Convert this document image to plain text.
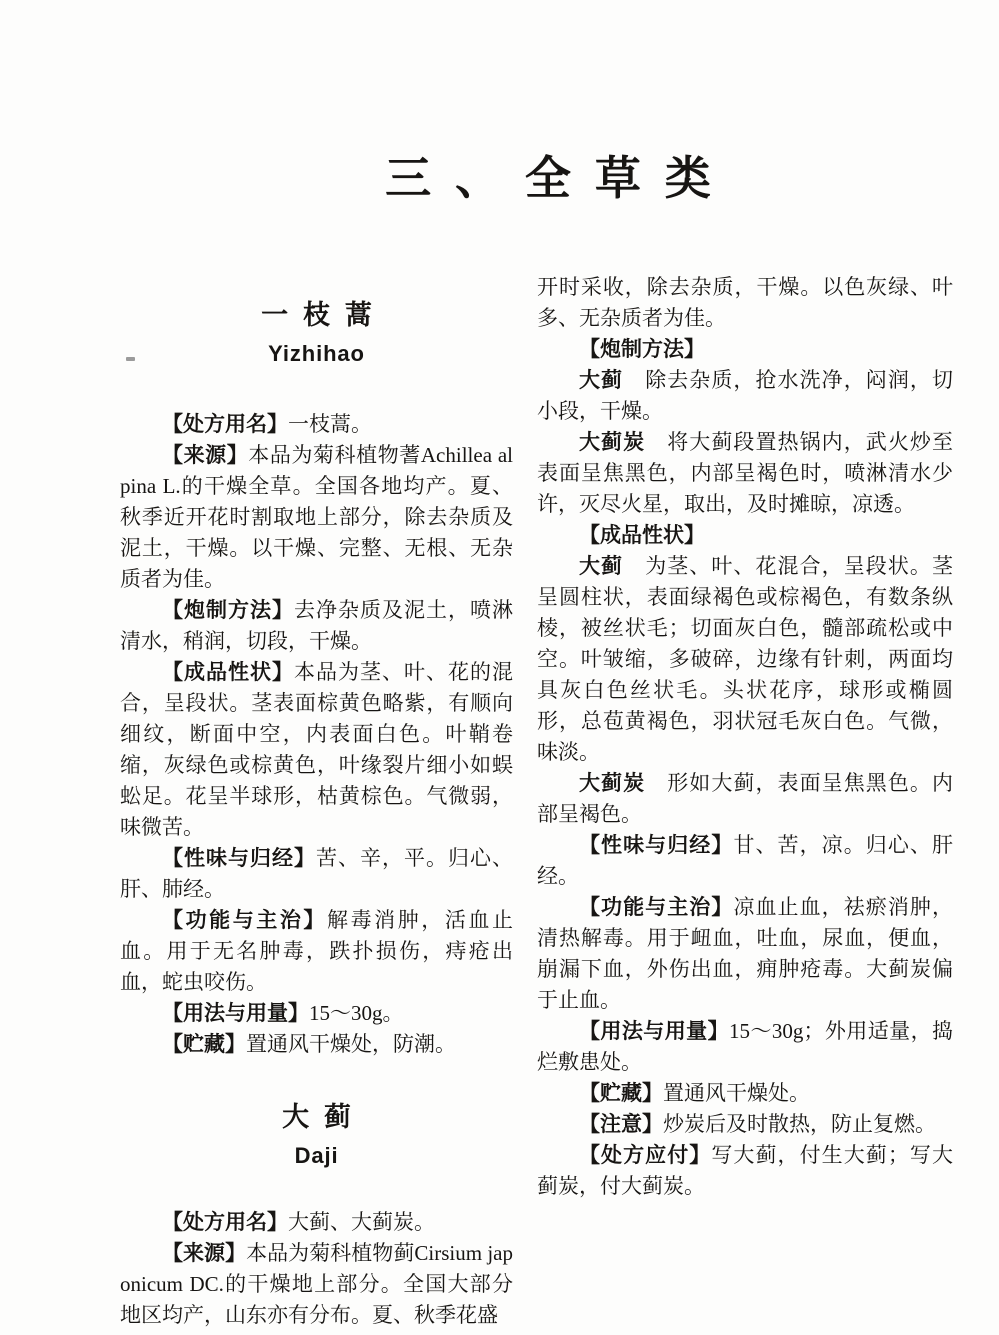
三、全草类
一枝蒿
Yizhihao

【处方用名】一枝蒿。

【来源】本品为菊科植物蓍Achillea alpina L.的干燥全草。全国各地均产。夏、秋季近开花时割取地上部分，除去杂质及泥土，干燥。以干燥、完整、无根、无杂质者为佳。

【炮制方法】去净杂质及泥土，喷淋清水，稍润，切段，干燥。

【成品性状】本品为茎、叶、花的混合，呈段状。茎表面棕黄色略紫，有顺向细纹，断面中空，内表面白色。叶鞘卷缩，灰绿色或棕黄色，叶缘裂片细小如蜈蚣足。花呈半球形，枯黄棕色。气微弱，味微苦。

【性味与归经】苦、辛，平。归心、肝、肺经。

【功能与主治】解毒消肿，活血止血。用于无名肿毒，跌扑损伤，痔疮出血，蛇虫咬伤。

【用法与用量】15～30g。

【贮藏】置通风干燥处，防潮。

大蓟
Daji

【处方用名】大蓟、大蓟炭。

【来源】本品为菊科植物蓟Cirsium japonicum DC.的干燥地上部分。全国大部分地区均产，山东亦有分布。夏、秋季花盛

开时采收，除去杂质，干燥。以色灰绿、叶多、无杂质者为佳。

【炮制方法】

大蓟　除去杂质，抢水洗净，闷润，切小段，干燥。

大蓟炭　将大蓟段置热锅内，武火炒至表面呈焦黑色，内部呈褐色时，喷淋清水少许，灭尽火星，取出，及时摊晾，凉透。

【成品性状】

大蓟　为茎、叶、花混合，呈段状。茎呈圆柱状，表面绿褐色或棕褐色，有数条纵棱，被丝状毛；切面灰白色，髓部疏松或中空。叶皱缩，多破碎，边缘有针刺，两面均具灰白色丝状毛。头状花序，球形或椭圆形，总苞黄褐色，羽状冠毛灰白色。气微，味淡。

大蓟炭　形如大蓟，表面呈焦黑色。内部呈褐色。

【性味与归经】甘、苦，凉。归心、肝经。

【功能与主治】凉血止血，祛瘀消肿，清热解毒。用于衄血，吐血，尿血，便血，崩漏下血，外伤出血，痈肿疮毒。大蓟炭偏于止血。

【用法与用量】15～30g；外用适量，捣烂敷患处。

【贮藏】置通风干燥处。

【注意】炒炭后及时散热，防止复燃。

【处方应付】写大蓟，付生大蓟；写大蓟炭，付大蓟炭。
